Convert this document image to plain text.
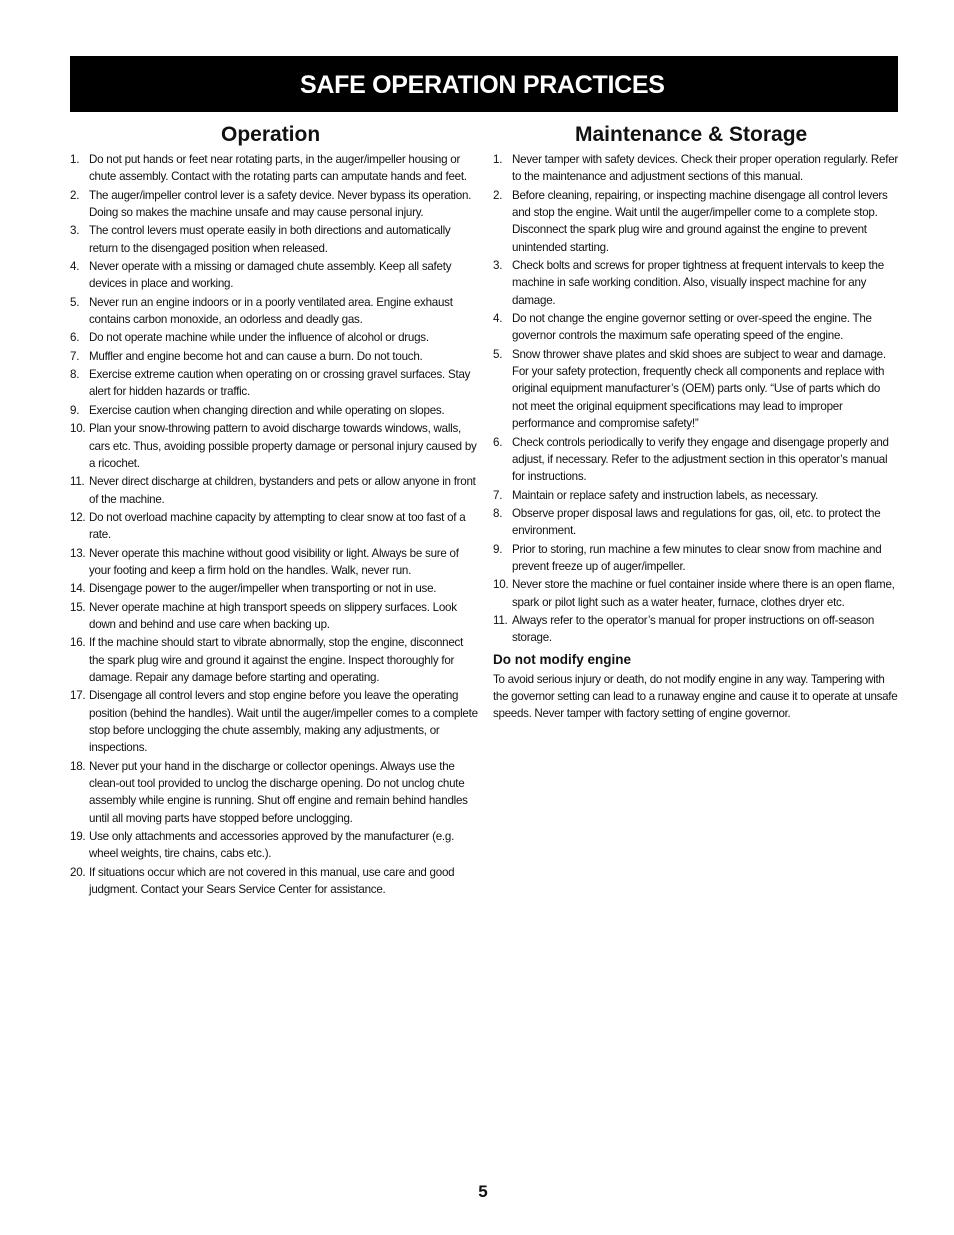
SAFE OPERATION PRACTICES
Operation
1. Do not put hands or feet near rotating parts, in the auger/impeller housing or chute assembly. Contact with the rotating parts can amputate hands and feet.
2. The auger/impeller control lever is a safety device. Never bypass its operation. Doing so makes the machine unsafe and may cause personal injury.
3. The control levers must operate easily in both directions and automatically return to the disengaged position when released.
4. Never operate with a missing or damaged chute assembly. Keep all safety devices in place and working.
5. Never run an engine indoors or in a poorly ventilated area. Engine exhaust contains carbon monoxide, an odorless and deadly gas.
6. Do not operate machine while under the influence of alcohol or drugs.
7. Muffler and engine become hot and can cause a burn. Do not touch.
8. Exercise extreme caution when operating on or crossing gravel surfaces. Stay alert for hidden hazards or traffic.
9. Exercise caution when changing direction and while operating on slopes.
10. Plan your snow-throwing pattern to avoid discharge towards windows, walls, cars etc. Thus, avoiding possible property damage or personal injury caused by a ricochet.
11. Never direct discharge at children, bystanders and pets or allow anyone in front of the machine.
12. Do not overload machine capacity by attempting to clear snow at too fast of a rate.
13. Never operate this machine without good visibility or light. Always be sure of your footing and keep a firm hold on the handles. Walk, never run.
14. Disengage power to the auger/impeller when transporting or not in use.
15. Never operate machine at high transport speeds on slippery surfaces. Look down and behind and use care when backing up.
16. If the machine should start to vibrate abnormally, stop the engine, disconnect the spark plug wire and ground it against the engine. Inspect thoroughly for damage. Repair any damage before starting and operating.
17. Disengage all control levers and stop engine before you leave the operating position (behind the handles). Wait until the auger/impeller comes to a complete stop before unclogging the chute assembly, making any adjustments, or inspections.
18. Never put your hand in the discharge or collector openings. Always use the clean-out tool provided to unclog the discharge opening. Do not unclog chute assembly while engine is running. Shut off engine and remain behind handles until all moving parts have stopped before unclogging.
19. Use only attachments and accessories approved by the manufacturer (e.g. wheel weights, tire chains, cabs etc.).
20. If situations occur which are not covered in this manual, use care and good judgment. Contact your Sears Service Center for assistance.
Maintenance & Storage
1. Never tamper with safety devices. Check their proper operation regularly. Refer to the maintenance and adjustment sections of this manual.
2. Before cleaning, repairing, or inspecting machine disengage all control levers and stop the engine. Wait until the auger/impeller come to a complete stop. Disconnect the spark plug wire and ground against the engine to prevent unintended starting.
3. Check bolts and screws for proper tightness at frequent intervals to keep the machine in safe working condition. Also, visually inspect machine for any damage.
4. Do not change the engine governor setting or over-speed the engine. The governor controls the maximum safe operating speed of the engine.
5. Snow thrower shave plates and skid shoes are subject to wear and damage. For your safety protection, frequently check all components and replace with original equipment manufacturer’s (OEM) parts only. “Use of parts which do not meet the original equipment specifications may lead to improper performance and compromise safety!”
6. Check controls periodically to verify they engage and disengage properly and adjust, if necessary. Refer to the adjustment section in this operator’s manual for instructions.
7. Maintain or replace safety and instruction labels, as necessary.
8. Observe proper disposal laws and regulations for gas, oil, etc. to protect the environment.
9. Prior to storing, run machine a few minutes to clear snow from machine and prevent freeze up of auger/impeller.
10. Never store the machine or fuel container inside where there is an open flame, spark or pilot light such as a water heater, furnace, clothes dryer etc.
11. Always refer to the operator’s manual for proper instructions on off-season storage.
Do not modify engine

To avoid serious injury or death, do not modify engine in any way. Tampering with the governor setting can lead to a runaway engine and cause it to operate at unsafe speeds. Never tamper with factory setting of engine governor.

5
